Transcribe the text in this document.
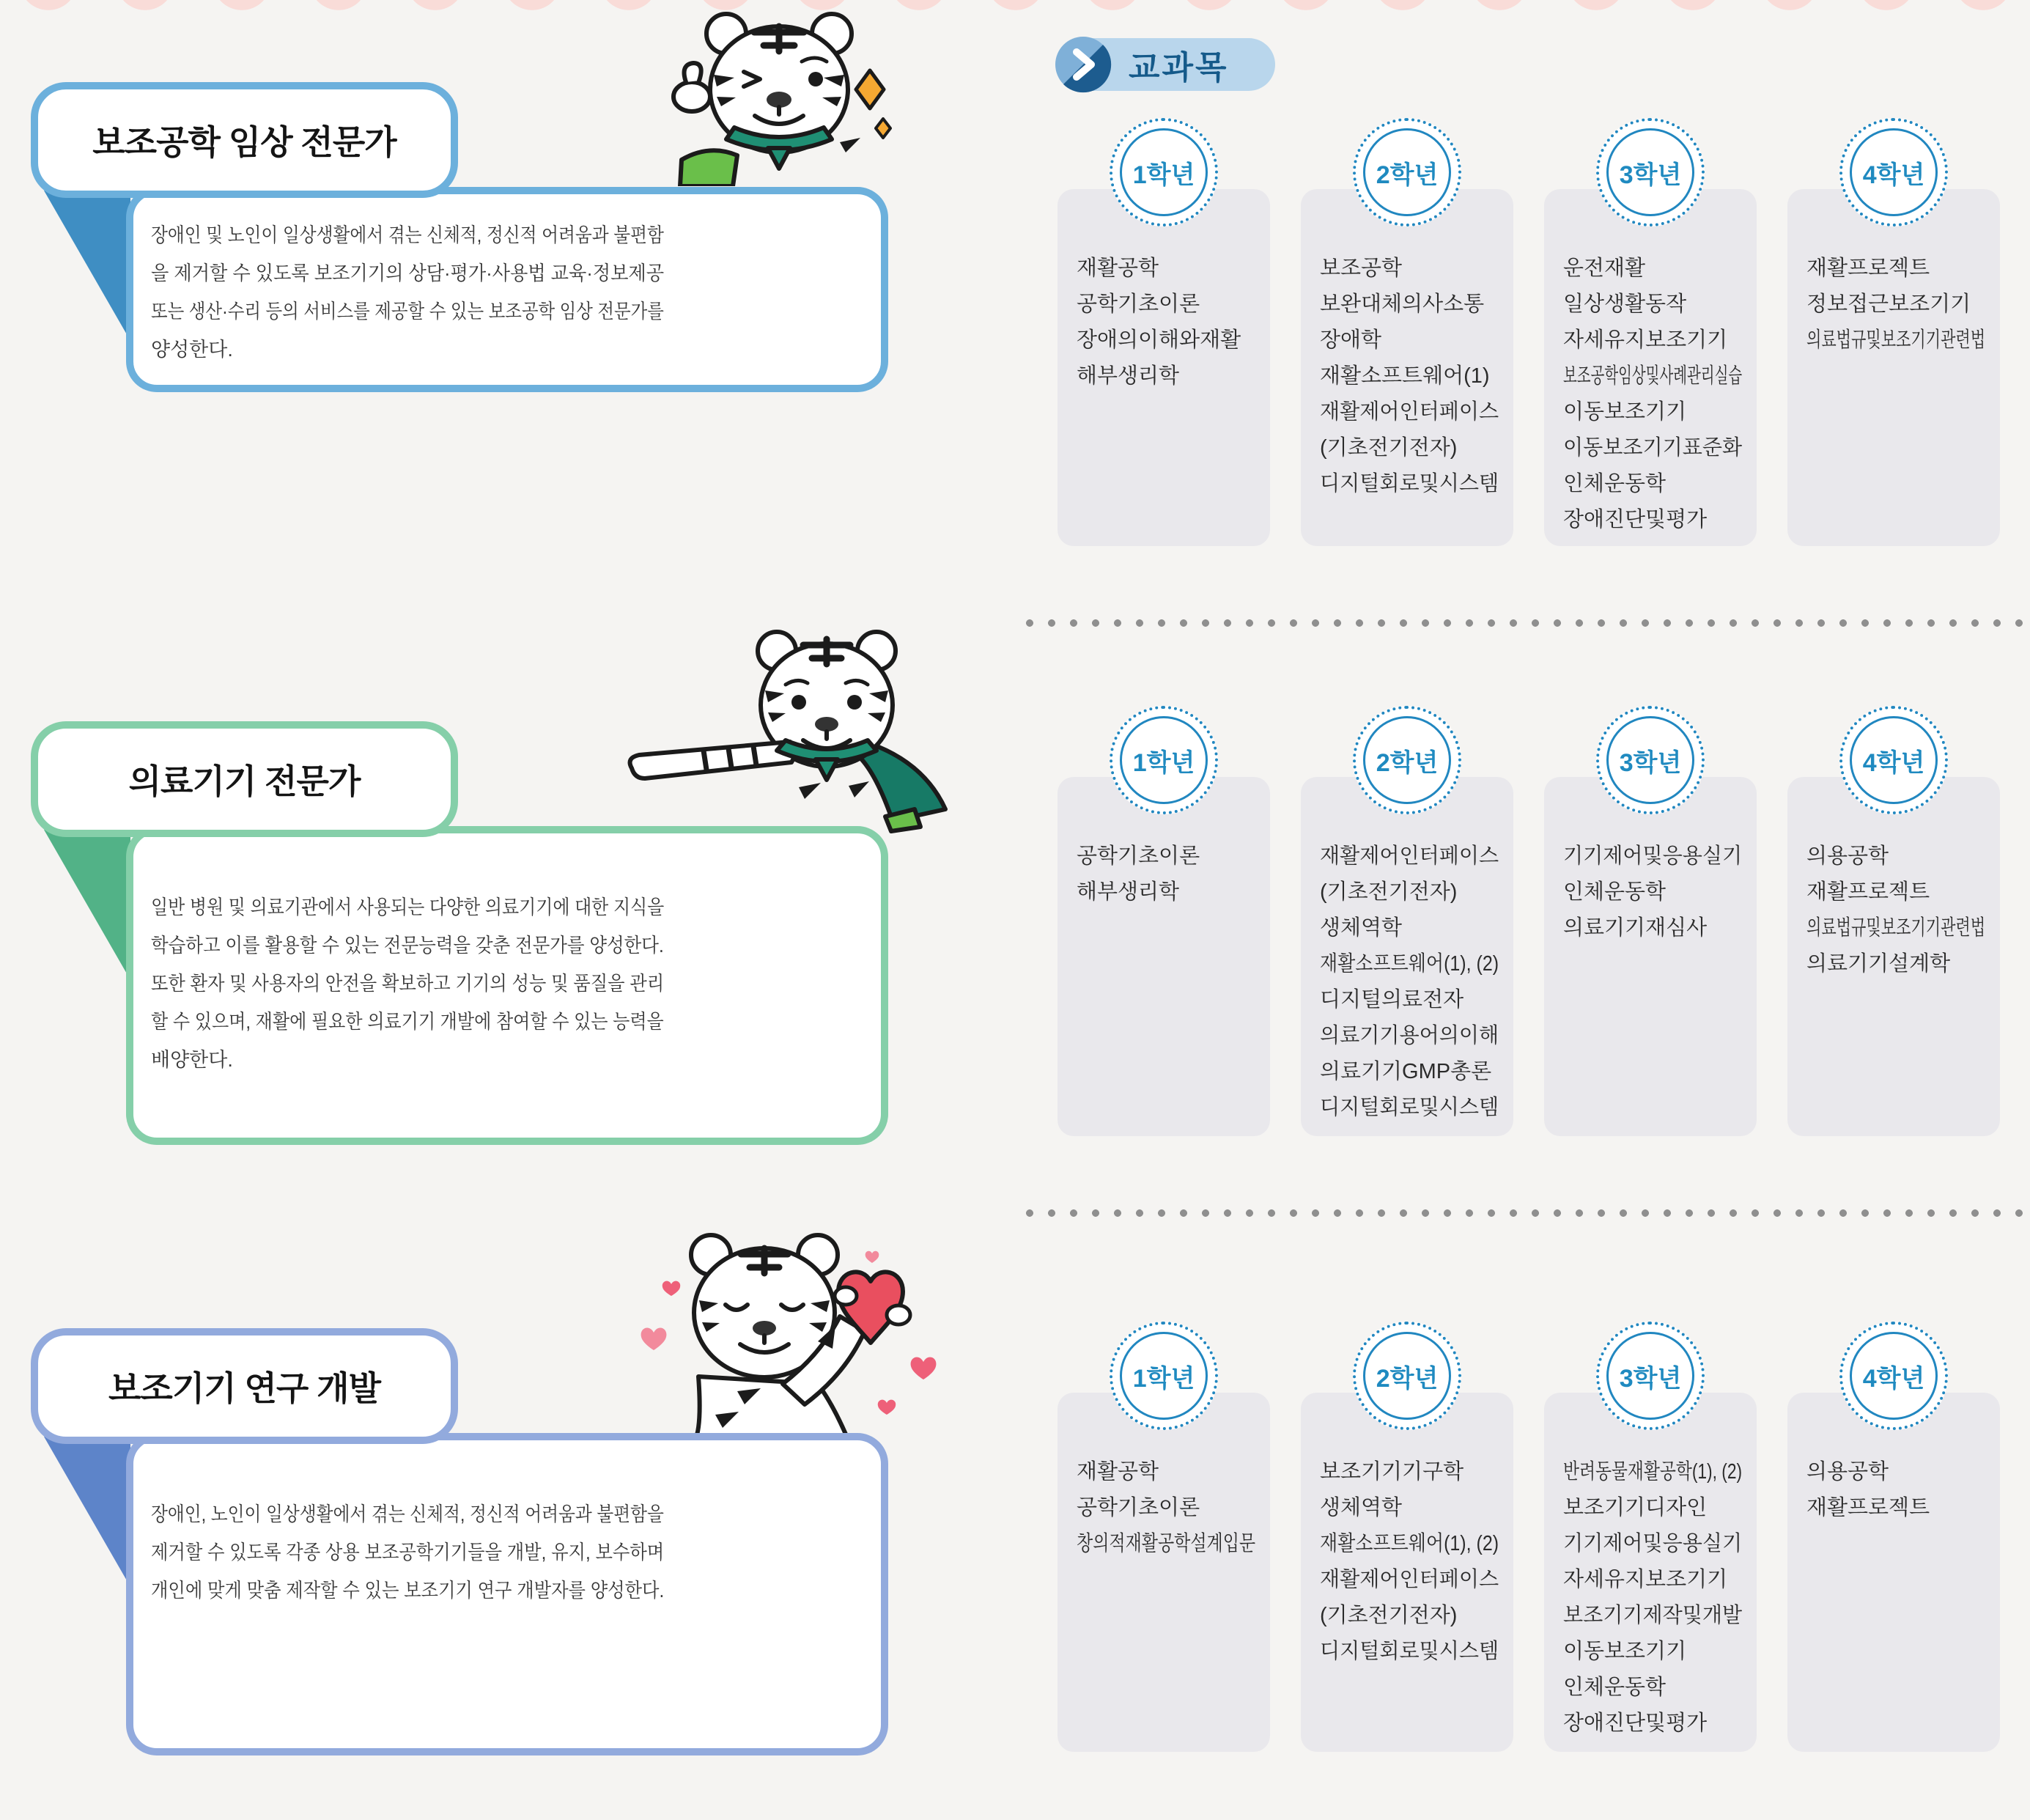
장애인 및 노인이 일상생활에서 겪는 신체적, 정신적 어려움과 불편함
을 제거할 수 있도록 보조기기의 상담·평가·사용법 교육·정보제공
또는 생산·수리 등의 서비스를 제공할 수 있는 보조공학 임상 전문가를
양성한다.
보조공학 임상 전문가
일반 병원 및 의료기관에서 사용되는 다양한 의료기기에 대한 지식을
학습하고 이를 활용할 수 있는 전문능력을 갖춘 전문가를 양성한다.
또한 환자 및 사용자의 안전을 확보하고 기기의 성능 및 품질을 관리
할 수 있으며, 재활에 필요한 의료기기 개발에 참여할 수 있는 능력을
배양한다.
의료기기 전문가
장애인, 노인이 일상생활에서 겪는 신체적, 정신적 어려움과 불편함을
제거할 수 있도록 각종 상용 보조공학기기들을 개발, 유지, 보수하며
개인에 맞게 맞춤 제작할 수 있는 보조기기 연구 개발자를 양성한다.
보조기기 연구 개발
교과목
1학년
재활공학
공학기초이론
장애의이해와재활
해부생리학
2학년
보조공학
보완대체의사소통
장애학
재활소프트웨어(1)
재활제어인터페이스
(기초전기전자)
디지털회로및시스템
3학년
운전재활
일상생활동작
자세유지보조기기
보조공학임상및사례관리실습
이동보조기기
이동보조기기표준화
인체운동학
장애진단및평가
4학년
재활프로젝트
정보접근보조기기
의료법규및보조기기관련법
1학년
공학기초이론
해부생리학
2학년
재활제어인터페이스
(기초전기전자)
생체역학
재활소프트웨어(1), (2)
디지털의료전자
의료기기용어의이해
의료기기GMP총론
디지털회로및시스템
3학년
기기제어및응용실기
인체운동학
의료기기재심사
4학년
의용공학
재활프로젝트
의료법규및보조기기관련법
의료기기설계학
1학년
재활공학
공학기초이론
창의적재활공학설계입문
2학년
보조기기기구학
생체역학
재활소프트웨어(1), (2)
재활제어인터페이스
(기초전기전자)
디지털회로및시스템
3학년
반려동물재활공학(1), (2)
보조기기디자인
기기제어및응용실기
자세유지보조기기
보조기기제작및개발
이동보조기기
인체운동학
장애진단및평가
4학년
의용공학
재활프로젝트
